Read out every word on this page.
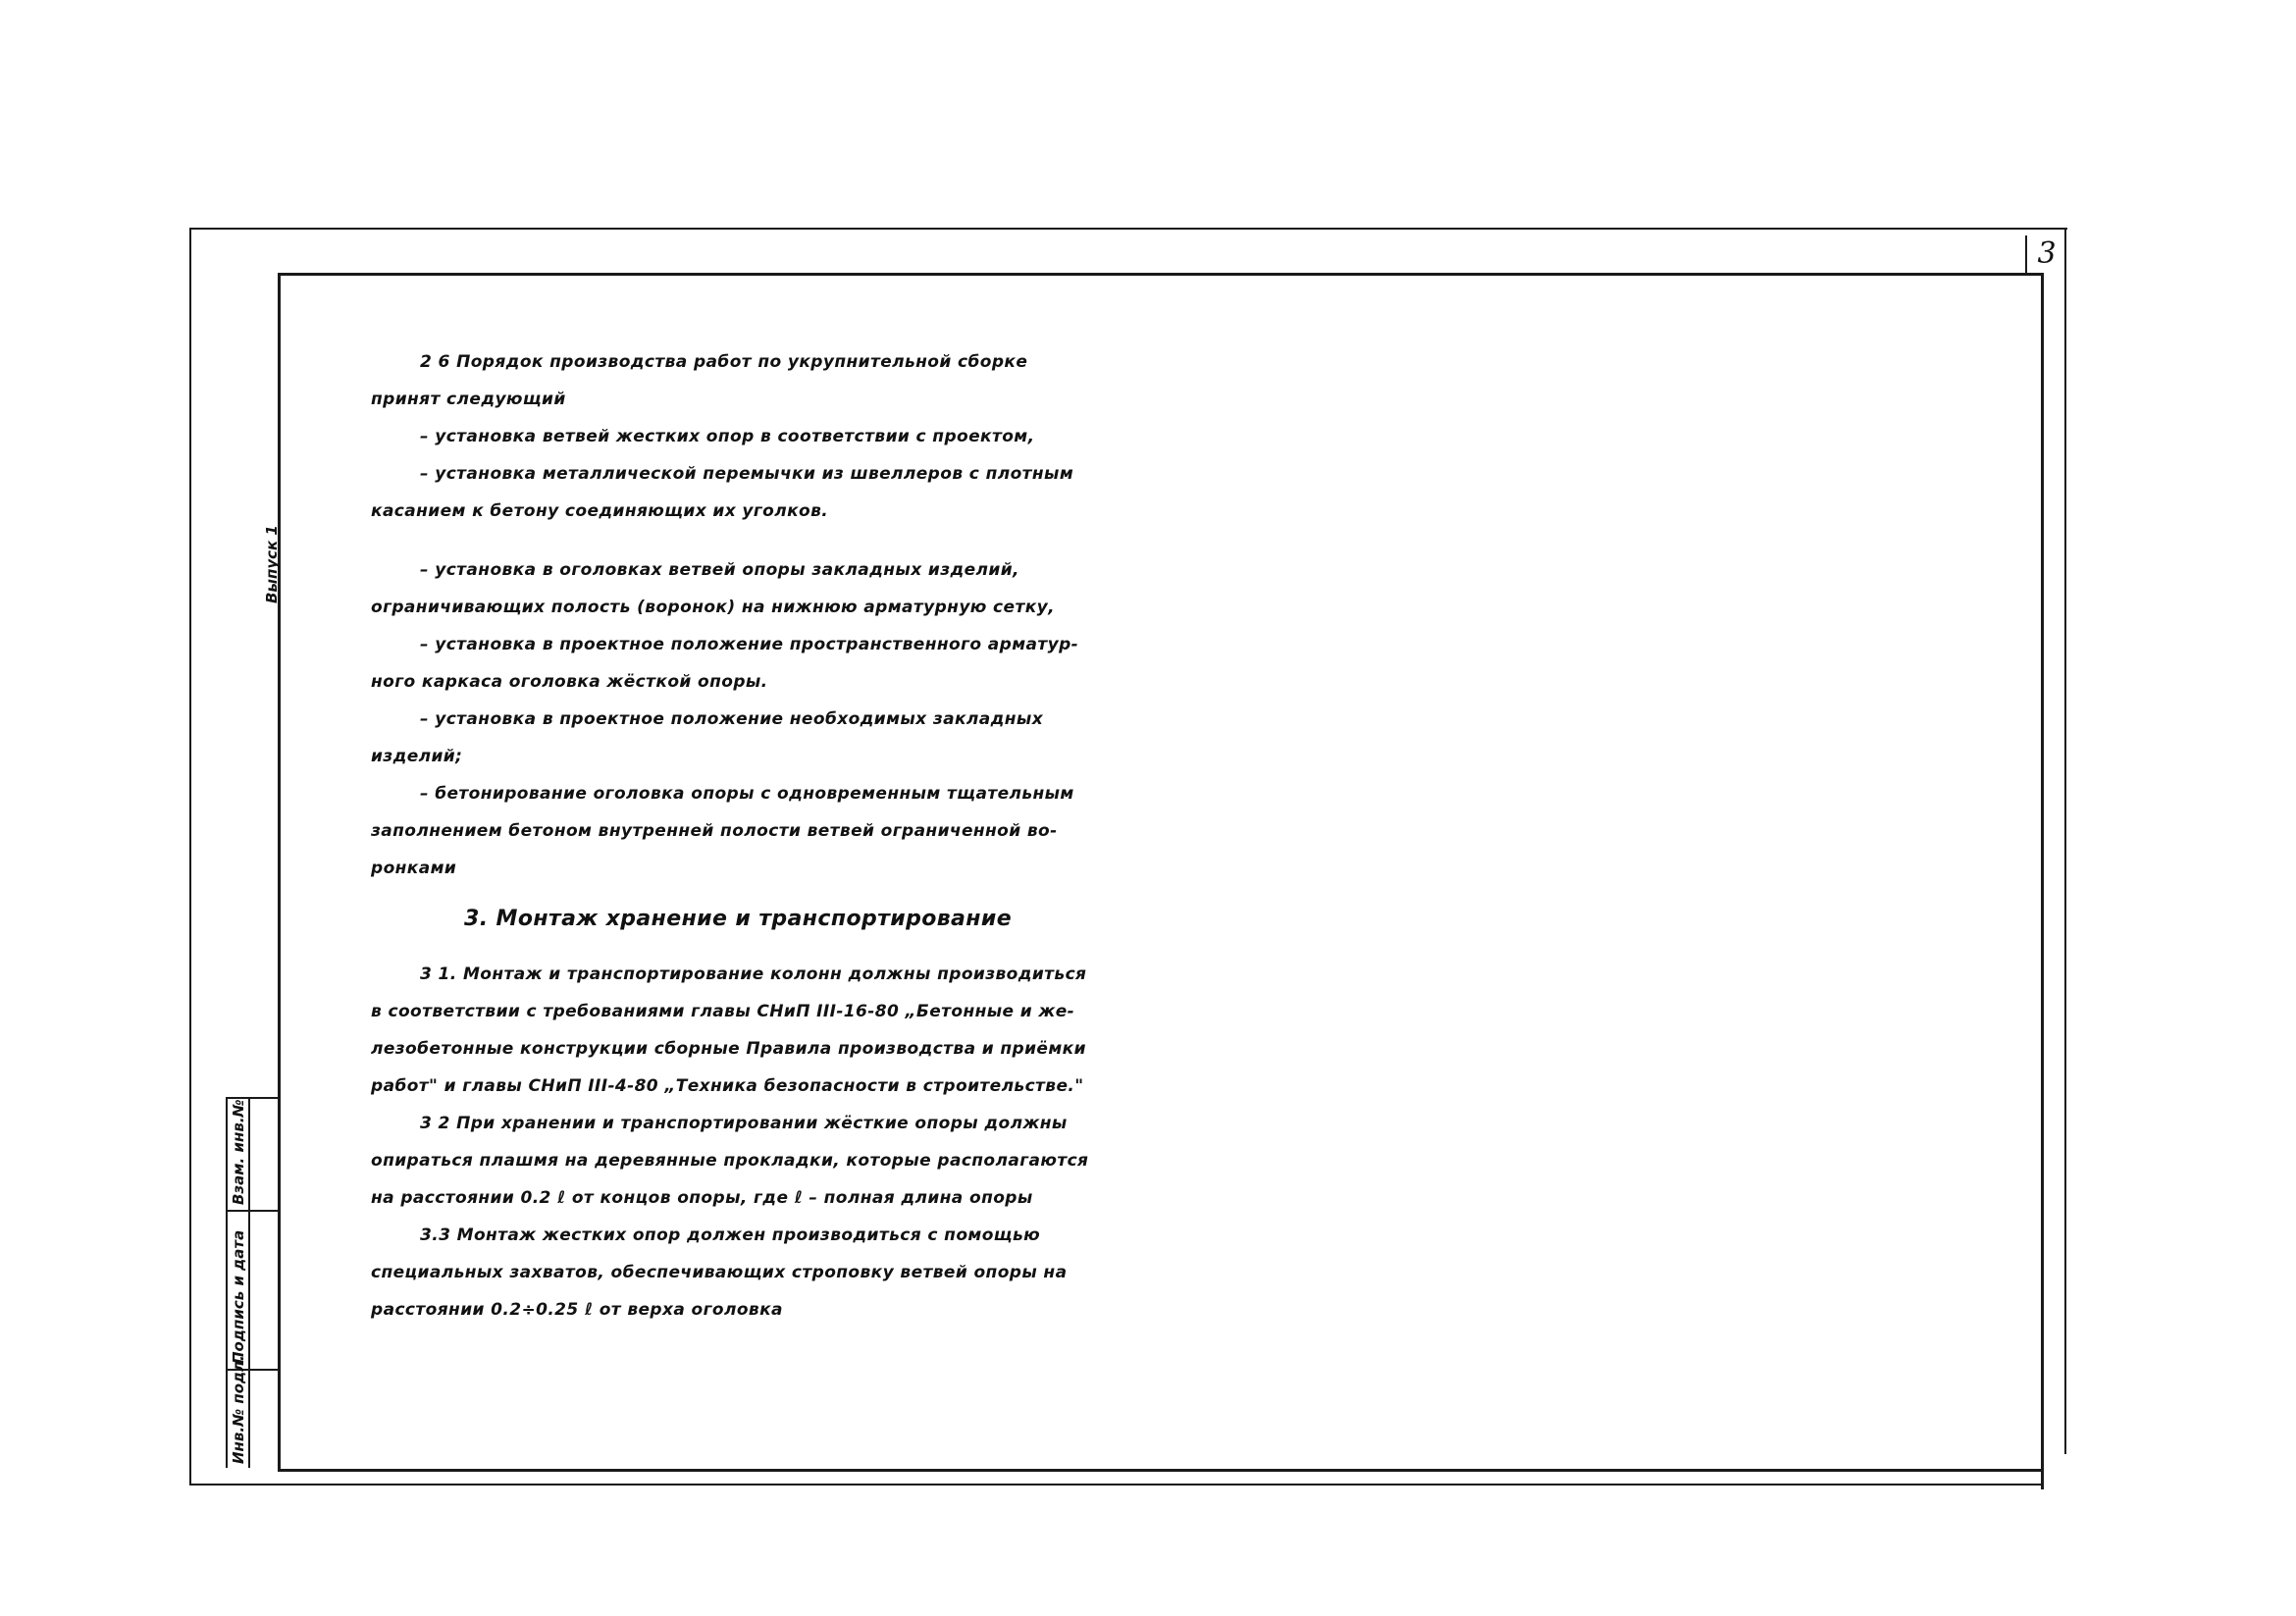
3
Выпуск 1
Инв.№ подл.
Подпись и дата
Взам. инв.№

2 6 Порядок производства работ по укрупнительной сборке

принят следующий

– установка ветвей жестких опор в соответствии с проектом,

– установка металлической перемычки из швеллеров с плотным

касанием к бетону соединяющих их уголков.

– установка в оголовках ветвей опоры закладных изделий,

ограничивающих полость (воронок) на нижнюю арматурную сетку,

– установка в проектное положение пространственного арматур-

ного каркаса оголовка жёсткой опоры.

– установка в проектное положение необходимых закладных

изделий;

– бетонирование оголовка опоры с одновременным тщательным

заполнением бетоном внутренней полости ветвей ограниченной во-

ронками

3. Монтаж хранение и транспортирование

3 1. Монтаж и транспортирование колонн должны производиться

в соответствии с требованиями главы СНиП III-16-80 „Бетонные и же-

лезобетонные конструкции сборные Правила производства и приёмки

работ" и главы СНиП III-4-80 „Техника безопасности в строительстве."

3 2 При хранении и транспортировании жёсткие опоры должны

опираться плашмя на деревянные прокладки, которые располагаются

на расстоянии 0.2 ℓ от концов опоры, где ℓ – полная длина опоры

3.3 Монтаж жестких опор должен производиться с помощью

специальных захватов, обеспечивающих строповку ветвей опоры на

расстоянии 0.2÷0.25 ℓ от верха оголовка
